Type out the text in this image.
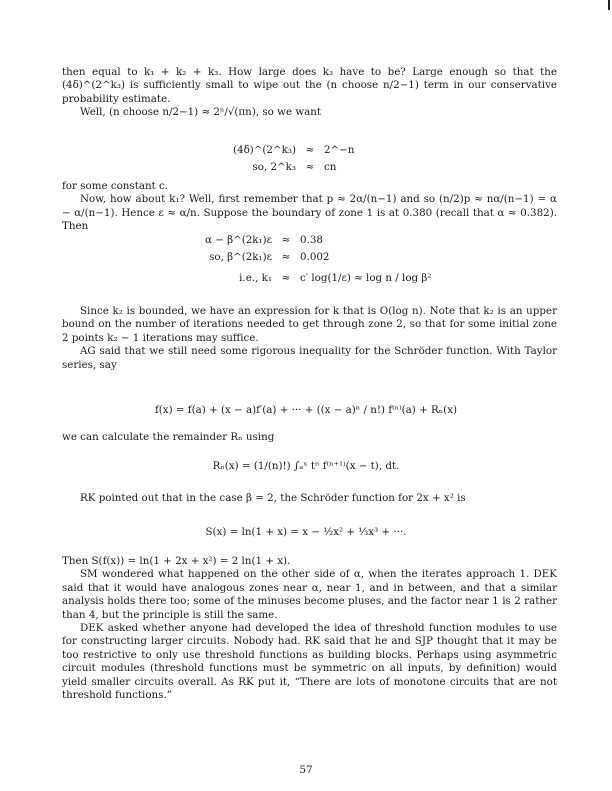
then equal to k₁ + k₂ + k₃. How large does k₃ have to be? Large enough so that the (4δ)^(2^k₃) is sufficiently small to wipe out the (n choose n/2−1) term in our conservative probability estimate.

Well, (n choose n/2−1) ≈ 2ⁿ/√(πn), so we want

(4δ)^(2^k₃) ≈ 2^−n
so, 2^k₃ ≈ cn

for some constant c.

Now, how about k₁? Well, first remember that p ≈ 2α/(n−1) and so (n/2)p ≈ nα/(n−1) = α − α/(n−1). Hence ε ≈ α/n. Suppose the boundary of zone 1 is at 0.380 (recall that α ≈ 0.382). Then

α − β^(2k₁)ε ≈ 0.38
so, β^(2k₁)ε ≈ 0.002
i.e., k₁ ≈ c′ log(1/ε) ≈ log n / log β²

Since k₂ is bounded, we have an expression for k that is O(log n). Note that k₂ is an upper bound on the number of iterations needed to get through zone 2, so that for some initial zone 2 points k₂ − 1 iterations may suffice.

AG said that we still need some rigorous inequality for the Schröder function. With Taylor series, say

f(x) = f(a) + (x − a)f′(a) + ··· + ((x − a)ⁿ / n!) f⁽ⁿ⁾(a) + Rₙ(x)

we can calculate the remainder Rₙ using

Rₙ(x) = (1/(n)!) ∫ₐˣ tⁿ f⁽ⁿ⁺¹⁾(x − t), dt.

RK pointed out that in the case β = 2, the Schröder function for 2x + x² is

S(x) = ln(1 + x) = x − ½x² + ⅓x³ + ···.

Then S(f(x)) = ln(1 + 2x + x²) = 2 ln(1 + x).

SM wondered what happened on the other side of α, when the iterates approach 1. DEK said that it would have analogous zones near α, near 1, and in between, and that a similar analysis holds there too; some of the minuses become pluses, and the factor near 1 is 2 rather than 4, but the principle is still the same.

DEK asked whether anyone had developed the idea of threshold function modules to use for constructing larger circuits. Nobody had. RK said that he and SJP thought that it may be too restrictive to only use threshold functions as building blocks. Perhaps using asymmetric circuit modules (threshold functions must be symmetric on all inputs, by definition) would yield smaller circuits overall. As RK put it, “There are lots of monotone circuits that are not threshold functions.”

57
